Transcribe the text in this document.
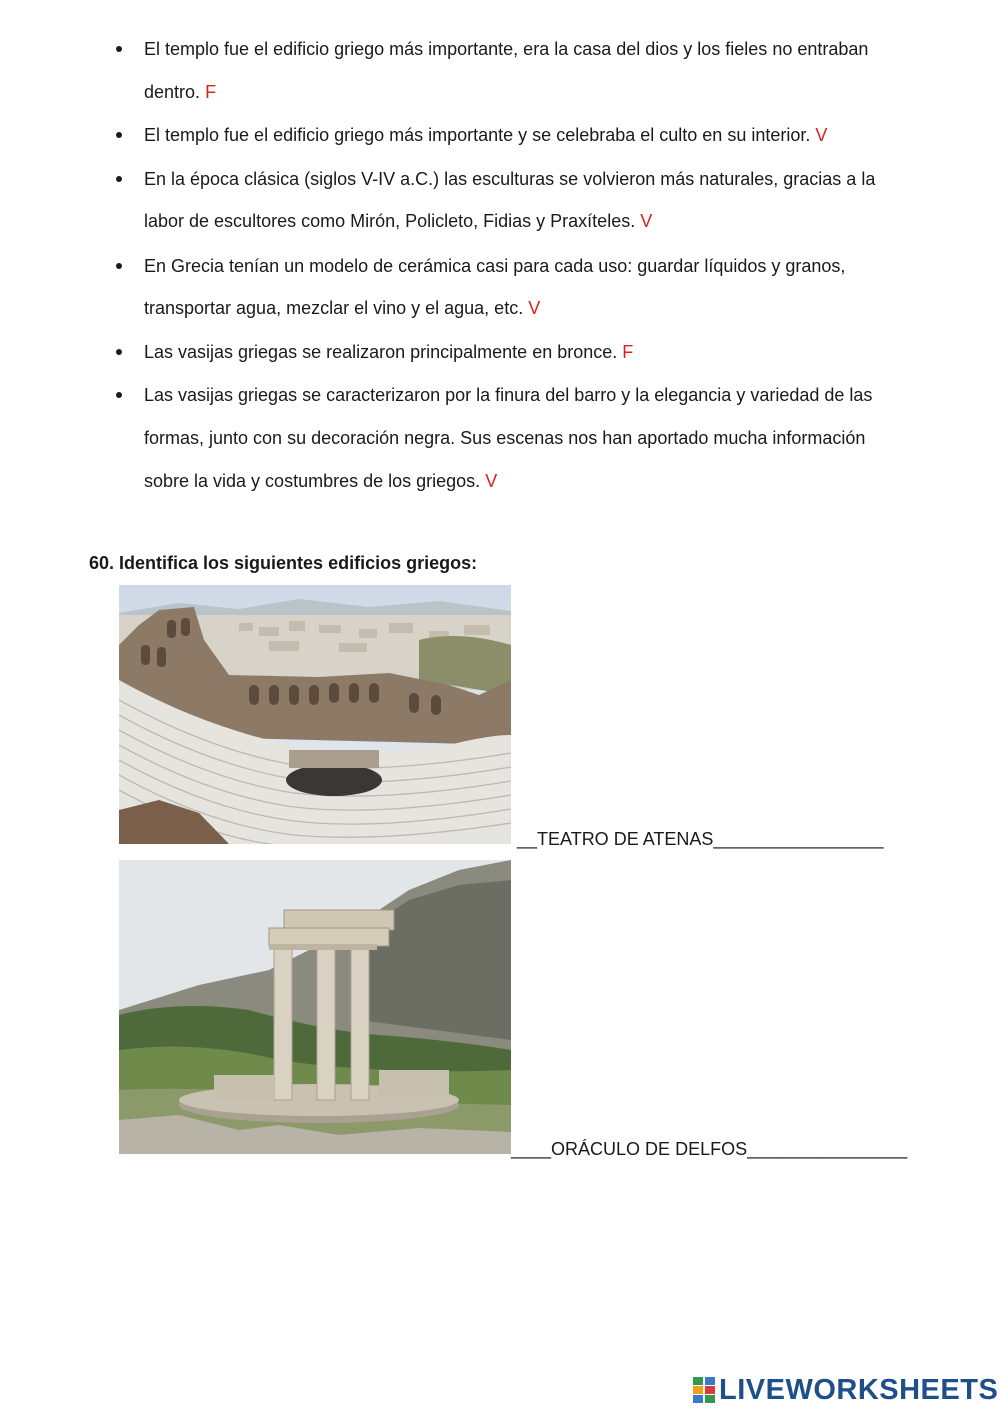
El templo fue el edificio griego más importante, era la casa del dios y los fieles no entraban
dentro. F
El templo fue el edificio griego más importante y se celebraba el culto en su interior. V
En la época clásica (siglos V-IV a.C.) las esculturas se volvieron más naturales, gracias a la
labor de escultores como Mirón, Policleto, Fidias y Praxíteles. V
En Grecia tenían un modelo de cerámica casi para cada uso: guardar líquidos y granos,
transportar agua, mezclar el vino y el agua, etc. V
Las vasijas griegas se realizaron principalmente en bronce. F
Las vasijas griegas se caracterizaron por la finura del barro y la elegancia y variedad de las
formas, junto con su decoración negra. Sus escenas nos han aportado mucha información
sobre la vida y costumbres de los griegos. V
60. Identifica los siguientes edificios griegos:
__TEATRO DE ATENAS_________________
____ORÁCULO DE DELFOS________________
LIVEWORKSHEETS
